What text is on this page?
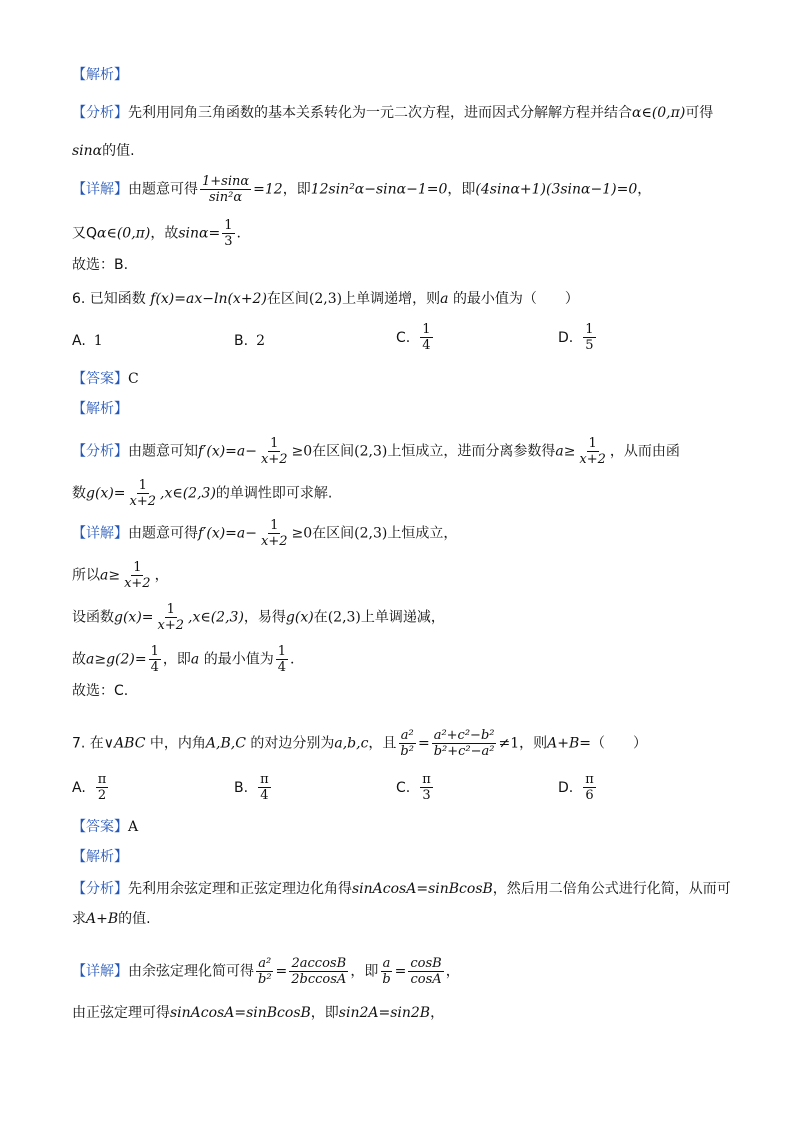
【解析】
【分析】先利用同角三角函数的基本关系转化为一元二次方程，进而因式分解解方程并结合α∈(0,π)可得
sinα的值.
【详解】由题意可得 $\frac{1+\sin\alpha}{\text{sin²α}} =12$，即12sin²α−sinα−1=0，即(4sinα+1)(3sinα−1)=0，
又Qα∈(0,π)，故$\sin\alpha= \frac{1}{3}$ .
故选：B.
6. 已知函数 f(x)=ax−ln(x+2)在区间(2,3)上单调递增，则a 的最小值为（　　）
A. 1	B. 2	C. $\frac{1}{4}$	D. $\frac{1}{5}$
【答案】C
【解析】
【分析】由题意可知$f'(x)=a- \frac{1}{x+2} \ge 0$在区间(2,3)上恒成立，进而分离参数得$a\ge \frac{1}{x+2}$ ，从而由函
数$g(x)= \frac{1}{x+2}$ ,x∈(2,3)的单调性即可求解.
【详解】由题意可得$f'(x)=a- \frac{1}{x+2} \ge 0$在区间(2,3)上恒成立，
所以$a\ge \frac{1}{x+2}$ ，
设函数$g(x)= \frac{1}{x+2}$ ,x∈(2,3)，易得g(x)在(2,3)上单调递减，
故$a\ge g(2)= \frac{1}{4}$ ，即a 的最小值为 $\frac{1}{4}$ .
故选：C.
7. 在∨ABC 中，内角A,B,C 的对边分别为a,b,c，且 $\frac{\text{a²}}{\text{b²}} = \frac{\text{a²+c²−b²}}{\text{b²+c²−a²}} \ne 1$，则A+B=（　　）
A. $\frac{\pi}{2}$	B. $\frac{\pi}{4}$	C. $\frac{\pi}{3}$	D. $\frac{\pi}{6}$
【答案】A
【解析】
【分析】先利用余弦定理和正弦定理边化角得sinAcosA=sinBcosB，然后用二倍角公式进行化简，从而可
求A+B的值.
【详解】由余弦定理化简可得 $\frac{\text{a²}}{\text{b²}} = \frac{2accosB}{2bccosA}$ ，即 $\frac{a}{b} = \frac{\cos B}{\cos A}$ ，
由正弦定理可得sinAcosA=sinBcosB，即sin2A=sin2B，
